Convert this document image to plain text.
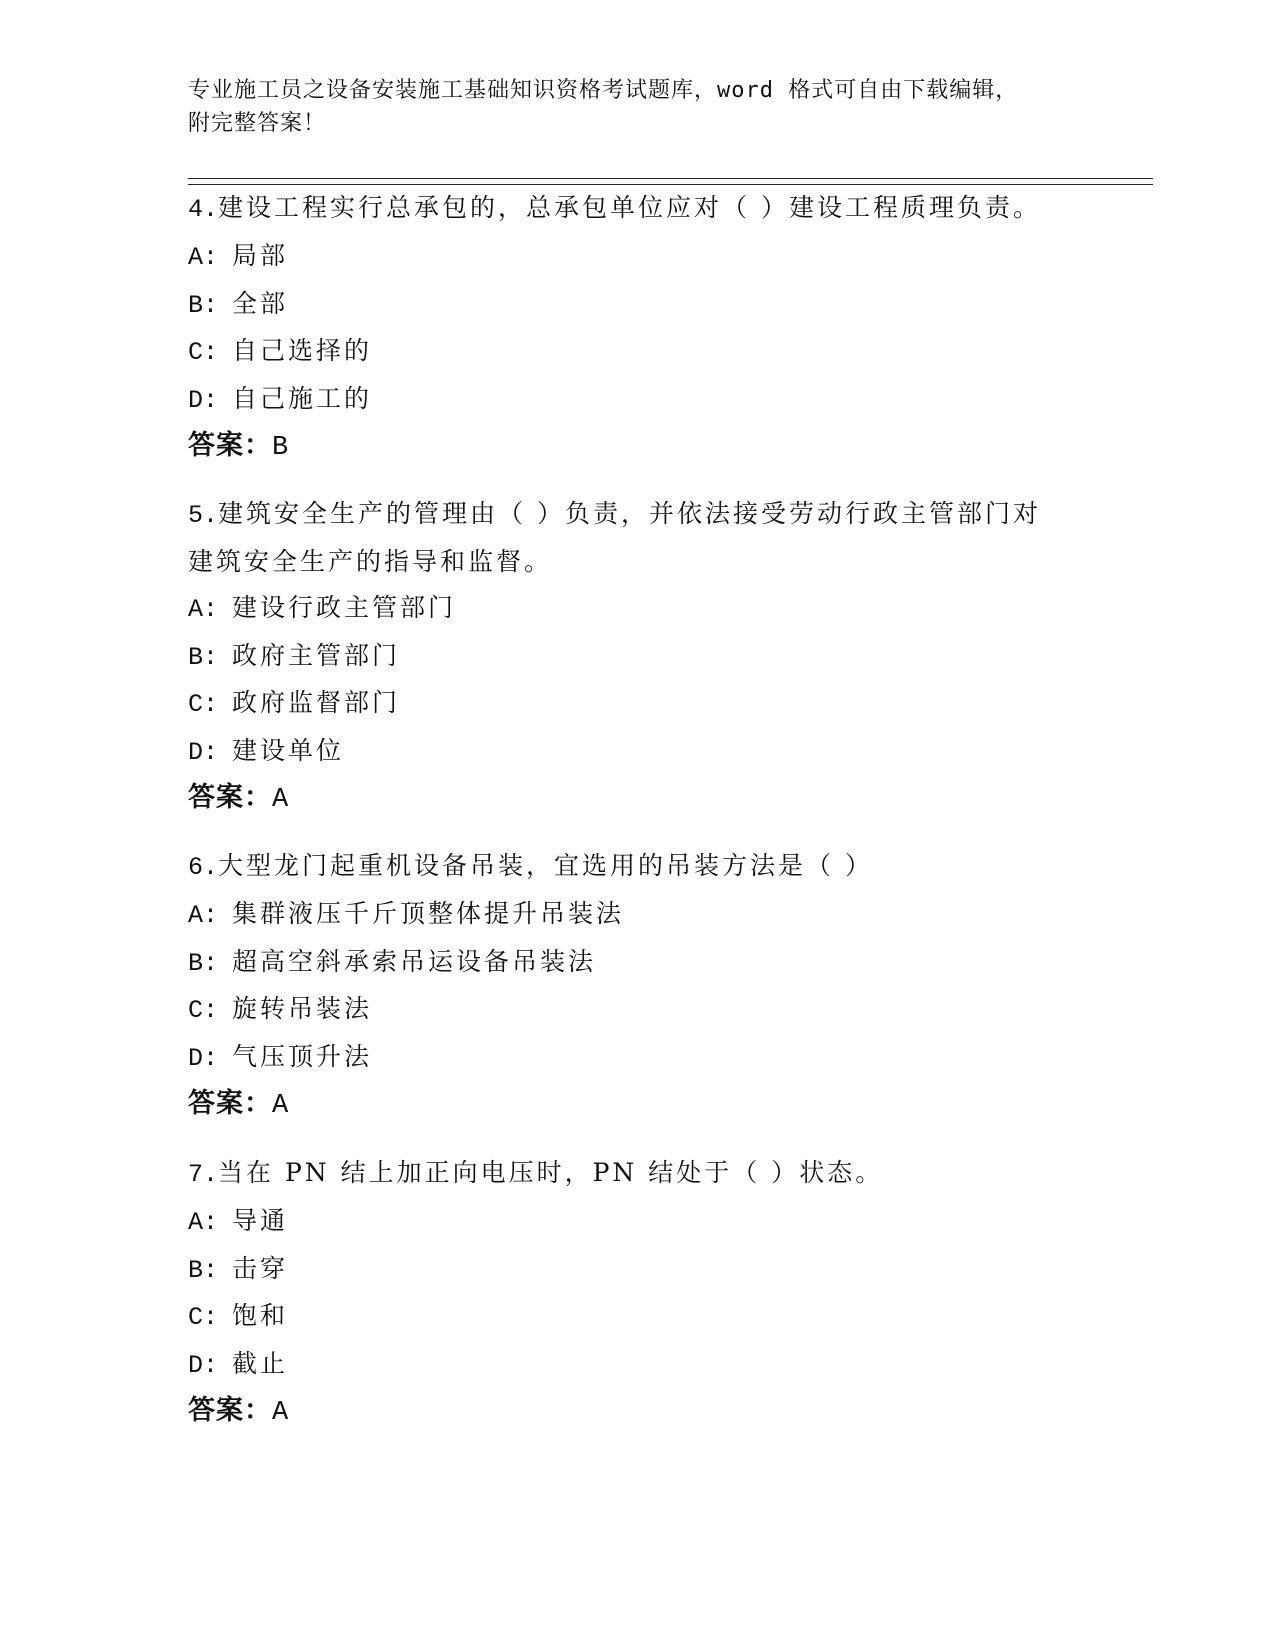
专业施工员之设备安装施工基础知识资格考试题库，word 格式可自由下载编辑，
附完整答案！
4.建设工程实行总承包的，总承包单位应对（ ）建设工程质理负责。
A: 局部
B: 全部
C: 自己选择的
D: 自己施工的
答案：B
5.建筑安全生产的管理由（ ）负责，并依法接受劳动行政主管部门对
建筑安全生产的指导和监督。
A: 建设行政主管部门
B: 政府主管部门
C: 政府监督部门
D: 建设单位
答案：A
6.大型龙门起重机设备吊装，宜选用的吊装方法是（ ）
A: 集群液压千斤顶整体提升吊装法
B: 超高空斜承索吊运设备吊装法
C: 旋转吊装法
D: 气压顶升法
答案：A
7.当在 PN 结上加正向电压时，PN 结处于（ ）状态。
A: 导通
B: 击穿
C: 饱和
D: 截止
答案：A
